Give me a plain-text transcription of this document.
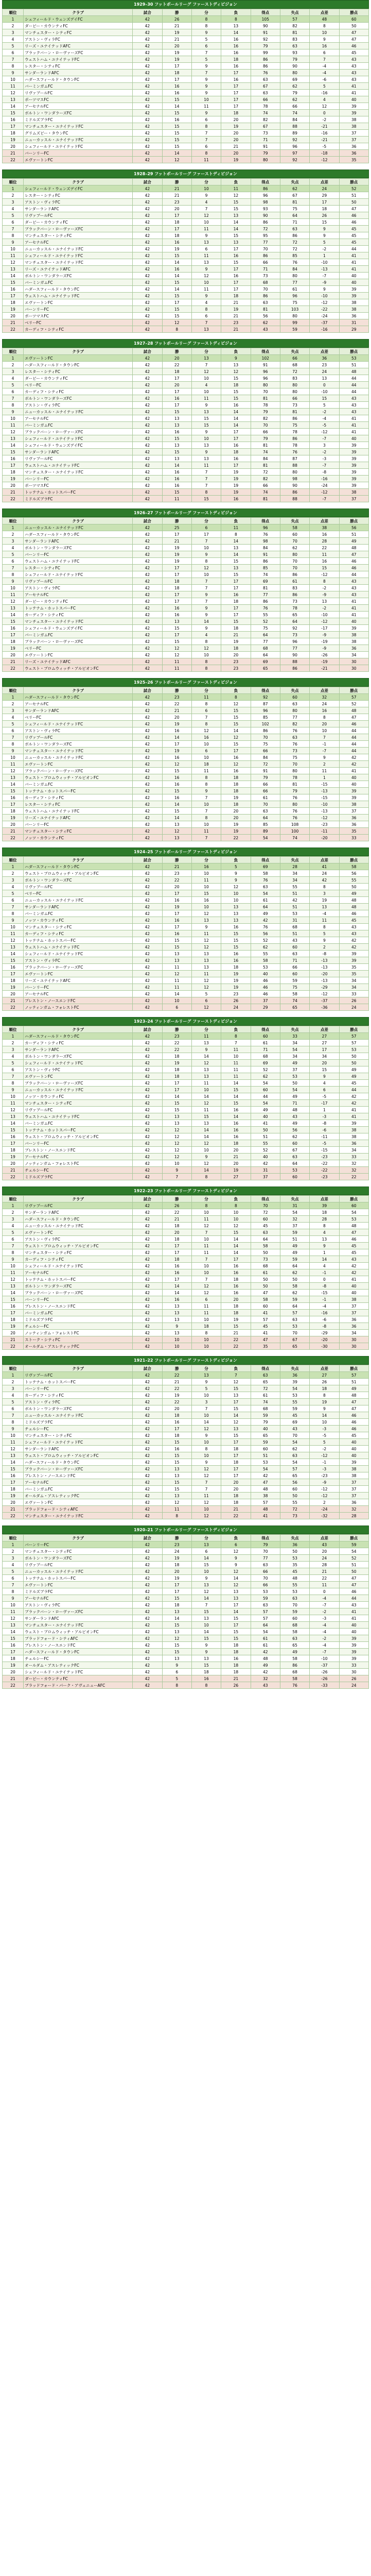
1929–30 フットボールリーグ ファーストディビジョン
順位	クラブ	試合	勝	分	負	得点	失点	点差	勝点
1	シェフィールド・ウェンズデイFC	42	26	8	8	105	57	48	60
2	ダービー・カウンティFC	42	21	8	13	90	82	8	50
3	マンチェスター・シティFC	42	19	9	14	91	81	10	47
4	アストン・ヴィラFC	42	21	5	16	92	83	9	47
5	リーズ・ユナイテッドAFC	42	20	6	16	79	63	16	46
6	ブラックバーン・ローヴァーズFC	42	19	7	16	99	93	6	45
7	ウェストハム・ユナイテッドFC	42	19	5	18	86	79	7	43
8	レスター・シティFC	42	17	9	16	86	90	-4	43
9	サンダーランドAFC	42	18	7	17	76	80	-4	43
10	ハダースフィールド・タウンFC	42	17	9	16	63	69	-6	43
11	バーミンガムFC	42	16	9	17	67	62	5	41
12	リヴァプールFC	42	16	9	17	63	79	-16	41
13	ポーツマスFC	42	15	10	17	66	62	4	40
14	アーセナルFC	42	14	11	17	78	66	12	39
15	ボルトン・ワンダラーズFC	42	15	9	18	74	74	0	39
16	ミドルズブラFC	42	16	6	20	82	84	-2	38
17	マンチェスター・ユナイテッドFC	42	15	8	19	67	88	-21	38
18	グリムズビー・タウンFC	42	15	7	20	73	89	-16	37
19	ニューカッスル・ユナイテッドFC	42	15	7	20	71	92	-21	37
20	シェフィールド・ユナイテッドFC	42	15	6	21	91	96	-5	36
21	バーンリーFC	42	14	8	20	79	97	-18	36
22	エヴァートンFC	42	12	11	19	80	92	-12	35
1928–29 フットボールリーグ ファーストディビジョン
順位	クラブ	試合	勝	分	負	得点	失点	点差	勝点
1	シェフィールド・ウェンズデイFC	42	21	10	11	86	62	24	52
2	レスター・シティFC	42	21	9	12	96	67	29	51
3	アストン・ヴィラFC	42	23	4	15	98	81	17	50
4	サンダーランドAFC	42	20	7	15	93	75	18	47
5	リヴァプールFC	42	17	12	13	90	64	26	46
6	ダービー・カウンティFC	42	18	10	14	86	71	15	46
7	ブラックバーン・ローヴァーズFC	42	17	11	14	72	63	9	45
8	マンチェスター・シティFC	42	18	9	15	95	86	9	45
9	アーセナルFC	42	16	13	13	77	72	5	45
10	ニューカッスル・ユナイテッドFC	42	19	6	17	70	72	-2	44
11	シェフィールド・ユナイテッドFC	42	15	11	16	86	85	1	41
12	マンチェスター・ユナイテッドFC	42	14	13	15	66	76	-10	41
13	リーズ・ユナイテッドAFC	42	16	9	17	71	84	-13	41
14	ボルトン・ワンダラーズFC	42	14	12	16	73	80	-7	40
15	バーミンガムFC	42	15	10	17	68	77	-9	40
16	ハダースフィールド・タウンFC	42	14	11	17	70	61	9	39
17	ウェストハム・ユナイテッドFC	42	15	9	18	86	96	-10	39
18	エヴァートンFC	42	17	4	21	63	75	-12	38
19	バーンリーFC	42	15	8	19	81	103	-22	38
20	ポーツマスFC	42	15	6	21	56	80	-24	36
21	ベリーFC	42	12	7	23	62	99	-37	31
22	カーディフ・シティFC	42	8	13	21	43	59	-16	29
1927–28 フットボールリーグ ファーストディビジョン
順位	クラブ	試合	勝	分	負	得点	失点	点差	勝点
1	エヴァートンFC	42	20	13	9	102	66	36	53
2	ハダースフィールド・タウンFC	42	22	7	13	91	68	23	51
3	レスター・シティFC	42	18	12	12	96	72	24	48
4	ダービー・カウンティFC	42	17	10	15	96	83	13	44
5	ベリーFC	42	20	4	18	80	80	0	44
6	カーディフ・シティFC	42	17	10	15	70	80	-10	44
7	ボルトン・ワンダラーズFC	42	16	11	15	81	66	15	43
8	アストン・ヴィラFC	42	17	9	16	78	73	5	43
9	ニューカッスル・ユナイテッドFC	42	15	13	14	79	81	-2	43
10	アーセナルFC	42	13	15	14	82	86	-4	41
11	バーミンガムFC	42	13	15	14	70	75	-5	41
12	ブラックバーン・ローヴァーズFC	42	16	9	17	66	78	-12	41
13	シェフィールド・ユナイテッドFC	42	15	10	17	79	86	-7	40
14	シェフィールド・ウェンズデイFC	42	13	13	16	81	78	3	39
15	サンダーランドAFC	42	15	9	18	74	76	-2	39
16	リヴァプールFC	42	13	13	16	84	87	-3	39
17	ウェストハム・ユナイテッドFC	42	14	11	17	81	88	-7	39
18	マンチェスター・ユナイテッドFC	42	16	7	19	72	80	-8	39
19	バーンリーFC	42	16	7	19	82	98	-16	39
20	ポーツマスFC	42	16	7	19	66	90	-24	39
21	トッテナム・ホットスパーFC	42	15	8	19	74	86	-12	38
22	ミドルズブラFC	42	11	15	16	81	88	-7	37
1926–27 フットボールリーグ ファーストディビジョン
順位	クラブ	試合	勝	分	負	得点	失点	点差	勝点
1	ニューカッスル・ユナイテッドFC	42	25	6	11	96	58	38	56
2	ハダースフィールド・タウンFC	42	17	17	8	76	60	16	51
3	サンダーランドAFC	42	21	7	14	98	70	28	49
4	ボルトン・ワンダラーズFC	42	19	10	13	84	62	22	48
5	バーンリーFC	42	19	9	14	91	80	11	47
6	ウェストハム・ユナイテッドFC	42	19	8	15	86	70	16	46
7	レスター・シティFC	42	17	12	13	85	70	15	46
8	シェフィールド・ユナイテッドFC	42	17	10	15	74	86	-12	44
9	リヴァプールFC	42	18	7	17	69	61	8	43
10	アストン・ヴィラFC	42	18	7	17	81	83	-2	43
11	アーセナルFC	42	17	9	16	77	86	-9	43
12	ダービー・カウンティFC	42	17	7	18	86	73	13	41
13	トッテナム・ホットスパーFC	42	16	9	17	76	78	-2	41
14	カーディフ・シティFC	42	16	9	17	55	65	-10	41
15	マンチェスター・ユナイテッドFC	42	13	14	15	52	64	-12	40
16	シェフィールド・ウェンズデイFC	42	15	9	18	75	92	-17	39
17	バーミンガムFC	42	17	4	21	64	73	-9	38
18	ブラックバーン・ローヴァーズFC	42	15	8	19	77	96	-19	38
19	ベリーFC	42	12	12	18	68	77	-9	36
20	エヴァートンFC	42	12	10	20	64	90	-26	34
21	リーズ・ユナイテッドAFC	42	11	8	23	69	88	-19	30
22	ウェスト・ブロムウィッチ・アルビオンFC	42	11	8	23	65	86	-21	30
1925–26 フットボールリーグ ファーストディビジョン
順位	クラブ	試合	勝	分	負	得点	失点	点差	勝点
1	ハダースフィールド・タウンFC	42	23	11	8	92	60	32	57
2	アーセナルFC	42	22	8	12	87	63	24	52
3	サンダーランドAFC	42	21	6	15	96	80	16	48
4	ベリーFC	42	20	7	15	85	77	8	47
5	シェフィールド・ユナイテッドFC	42	19	8	15	102	82	20	46
6	アストン・ヴィラFC	42	16	12	14	86	76	10	44
7	リヴァプールFC	42	14	16	12	70	63	7	44
8	ボルトン・ワンダラーズFC	42	17	10	15	75	76	-1	44
9	マンチェスター・ユナイテッドFC	42	19	6	17	66	73	-7	44
10	ニューカッスル・ユナイテッドFC	42	16	10	16	84	75	9	42
11	エヴァートンFC	42	12	18	12	72	70	2	42
12	ブラックバーン・ローヴァーズFC	42	15	11	16	91	80	11	41
13	ウェスト・ブロムウィッチ・アルビオンFC	42	16	8	18	79	78	1	40
14	バーミンガムFC	42	16	8	18	66	81	-15	40
15	トッテナム・ホットスパーFC	42	15	9	18	66	79	-13	39
16	カーディフ・シティFC	42	16	7	19	61	76	-15	39
17	レスター・シティFC	42	14	10	18	70	80	-10	38
18	ウェストハム・ユナイテッドFC	42	15	7	20	63	76	-13	37
19	リーズ・ユナイテッドAFC	42	14	8	20	64	76	-12	36
20	バーンリーFC	42	13	10	19	85	108	-23	36
21	マンチェスター・シティFC	42	12	11	19	89	100	-11	35
22	ノッツ・カウンティFC	42	13	7	22	54	74	-20	33
1924–25 フットボールリーグ ファーストディビジョン
順位	クラブ	試合	勝	分	負	得点	失点	点差	勝点
1	ハダースフィールド・タウンFC	42	21	16	5	69	28	41	58
2	ウェスト・ブロムウィッチ・アルビオンFC	42	23	10	9	58	34	24	56
3	ボルトン・ワンダラーズFC	42	22	11	9	76	34	42	55
4	リヴァプールFC	42	20	10	12	63	55	8	50
5	ベリーFC	42	17	15	10	54	51	3	49
6	ニューカッスル・ユナイテッドFC	42	16	16	10	61	42	19	48
7	サンダーランドAFC	42	19	10	13	64	51	13	48
8	バーミンガムFC	42	17	12	13	49	53	-4	46
9	ノッツ・カウンティFC	42	16	13	13	42	31	11	45
10	マンチェスター・シティFC	42	17	9	16	76	68	8	43
11	カーディフ・シティFC	42	16	11	15	56	51	5	43
12	トッテナム・ホットスパーFC	42	15	12	15	52	43	9	42
13	ウェストハム・ユナイテッドFC	42	15	12	15	62	60	2	42
14	シェフィールド・ユナイテッドFC	42	13	13	16	55	63	-8	39
15	アストン・ヴィラFC	42	13	13	16	58	71	-13	39
16	ブラックバーン・ローヴァーズFC	42	11	13	18	53	66	-13	35
17	エヴァートンFC	42	12	11	19	40	60	-20	35
18	リーズ・ユナイテッドAFC	42	11	12	19	46	59	-13	34
19	バーンリーFC	42	11	12	19	46	75	-29	34
20	アーセナルFC	42	14	5	23	46	58	-12	33
21	プレストン・ノースエンドFC	42	10	6	26	37	74	-37	26
22	ノッティンガム・フォレストFC	42	6	12	24	29	65	-36	24
1923–24 フットボールリーグ ファーストディビジョン
順位	クラブ	試合	勝	分	負	得点	失点	点差	勝点
1	ハダースフィールド・タウンFC	42	23	11	8	60	33	27	57
2	カーディフ・シティFC	42	22	13	7	61	34	27	57
3	サンダーランドAFC	42	22	9	11	71	54	17	53
4	ボルトン・ワンダラーズFC	42	18	14	10	68	34	34	50
5	シェフィールド・ユナイテッドFC	42	19	12	11	69	49	20	50
6	アストン・ヴィラFC	42	18	13	11	52	37	15	49
7	エヴァートンFC	42	18	13	11	62	53	9	49
8	ブラックバーン・ローヴァーズFC	42	17	11	14	54	50	4	45
9	ニューカッスル・ユナイテッドFC	42	17	10	15	60	54	6	44
10	ノッツ・カウンティFC	42	14	14	14	44	49	-5	42
11	マンチェスター・シティFC	42	15	12	15	54	71	-17	42
12	リヴァプールFC	42	15	11	16	49	48	1	41
13	ウェストハム・ユナイテッドFC	42	13	15	14	40	43	-3	41
14	バーミンガムFC	42	13	13	16	41	49	-8	39
15	トッテナム・ホットスパーFC	42	12	14	16	50	56	-6	38
16	ウェスト・ブロムウィッチ・アルビオンFC	42	12	14	16	51	62	-11	38
17	バーンリーFC	42	12	12	18	55	60	-5	36
18	プレストン・ノースエンドFC	42	12	10	20	52	67	-15	34
19	アーセナルFC	42	12	9	21	40	63	-23	33
20	ノッティンガム・フォレストFC	42	10	12	20	42	64	-22	32
21	チェルシーFC	42	9	14	19	31	53	-22	32
22	ミドルズブラFC	42	7	8	27	37	60	-23	22
1922–23 フットボールリーグ ファーストディビジョン
順位	クラブ	試合	勝	分	負	得点	失点	点差	勝点
1	リヴァプールFC	42	26	8	8	70	31	39	60
2	サンダーランドAFC	42	22	10	10	72	54	18	54
3	ハダースフィールド・タウンFC	42	21	11	10	60	32	28	53
4	ニューカッスル・ユナイテッドFC	42	18	12	12	45	37	8	48
5	エヴァートンFC	42	20	7	15	63	59	4	47
6	アストン・ヴィラFC	42	18	10	14	64	51	13	46
7	ウェスト・ブロムウィッチ・アルビオンFC	42	17	11	14	58	49	9	45
8	マンチェスター・シティFC	42	17	11	14	50	49	1	45
9	カーディフ・シティFC	42	18	7	17	73	59	14	43
10	シェフィールド・ユナイテッドFC	42	16	10	16	68	64	4	42
11	アーセナルFC	42	16	10	16	61	62	-1	42
12	トッテナム・ホットスパーFC	42	17	7	18	50	50	0	41
13	ボルトン・ワンダラーズFC	42	14	12	16	50	58	-8	40
14	ブラックバーン・ローヴァーズFC	42	14	12	16	47	62	-15	40
15	バーンリーFC	42	16	6	20	58	59	-1	38
16	プレストン・ノースエンドFC	42	13	11	18	60	64	-4	37
17	バーミンガムFC	42	13	11	18	41	57	-16	37
18	ミドルズブラFC	42	13	10	19	57	63	-6	36
19	チェルシーFC	42	9	18	15	45	53	-8	36
20	ノッティンガム・フォレストFC	42	13	8	21	41	70	-29	34
21	ストーク・シティFC	42	10	10	22	47	67	-20	30
22	オールダム・アスレティックFC	42	10	10	22	35	65	-30	30
1921–22 フットボールリーグ ファーストディビジョン
順位	クラブ	試合	勝	分	負	得点	失点	点差	勝点
1	リヴァプールFC	42	22	13	7	63	36	27	57
2	トッテナム・ホットスパーFC	42	21	9	12	65	39	26	51
3	バーンリーFC	42	22	5	15	72	54	18	49
4	カーディフ・シティFC	42	19	10	13	61	53	8	48
5	アストン・ヴィラFC	42	22	3	17	74	55	19	47
6	ボルトン・ワンダラーズFC	42	20	7	15	68	59	9	47
7	ニューカッスル・ユナイテッドFC	42	18	10	14	59	45	14	46
8	ミドルズブラFC	42	16	14	12	79	69	10	46
9	チェルシーFC	42	17	12	13	40	43	-3	46
10	マンチェスター・シティFC	42	18	9	15	65	70	-5	45
11	シェフィールド・ユナイテッドFC	42	15	10	17	59	54	5	40
12	サンダーランドAFC	42	16	8	18	60	62	-2	40
13	ウェスト・ブロムウィッチ・アルビオンFC	42	15	10	17	51	63	-12	40
14	ハダースフィールド・タウンFC	42	15	9	18	53	54	-1	39
15	ブラックバーン・ローヴァーズFC	42	13	12	17	54	57	-3	38
16	プレストン・ノースエンドFC	42	13	12	17	42	65	-23	38
17	アーセナルFC	42	15	7	20	47	56	-9	37
18	バーミンガムFC	42	15	7	20	48	60	-12	37
19	オールダム・アスレティックFC	42	13	11	18	38	50	-12	37
20	エヴァートンFC	42	12	12	18	57	55	2	36
21	ブラッドフォード・シティAFC	42	11	10	21	48	72	-24	32
22	マンチェスター・ユナイテッドFC	42	8	12	22	41	73	-32	28
1920–21 フットボールリーグ ファーストディビジョン
順位	クラブ	試合	勝	分	負	得点	失点	点差	勝点
1	バーンリーFC	42	23	13	6	79	36	43	59
2	マンチェスター・シティFC	42	24	6	12	70	50	20	54
3	ボルトン・ワンダラーズFC	42	19	14	9	77	53	24	52
4	リヴァプールFC	42	18	15	9	63	35	28	51
5	ニューカッスル・ユナイテッドFC	42	20	10	12	66	45	21	50
6	トッテナム・ホットスパーFC	42	19	9	14	70	48	22	47
7	エヴァートンFC	42	17	13	12	66	55	11	47
8	ミドルズブラFC	42	17	12	13	53	53	0	46
9	アーセナルFC	42	15	14	13	59	63	-4	44
10	アストン・ヴィラFC	42	18	7	17	63	70	-7	43
11	ブラックバーン・ローヴァーズFC	42	13	15	14	57	59	-2	41
12	サンダーランドAFC	42	14	13	15	57	60	-3	41
13	マンチェスター・ユナイテッドFC	42	15	10	17	64	68	-4	40
14	ウェスト・ブロムウィッチ・アルビオンFC	42	13	14	15	54	58	-4	40
15	ブラッドフォード・シティAFC	42	12	15	15	61	63	-2	39
16	プレストン・ノースエンドFC	42	15	9	18	61	65	-4	39
17	ハダースフィールド・タウンFC	42	15	9	18	42	49	-7	39
18	チェルシーFC	42	13	13	16	48	58	-10	39
19	オールダム・アスレティックFC	42	9	15	18	49	86	-37	33
20	シェフィールド・ユナイテッドFC	42	6	18	18	42	68	-26	30
21	ダービー・カウンティFC	42	5	16	21	32	58	-26	26
22	ブラッドフォード・パーク・アヴェニューAFC	42	8	8	26	43	76	-33	24
